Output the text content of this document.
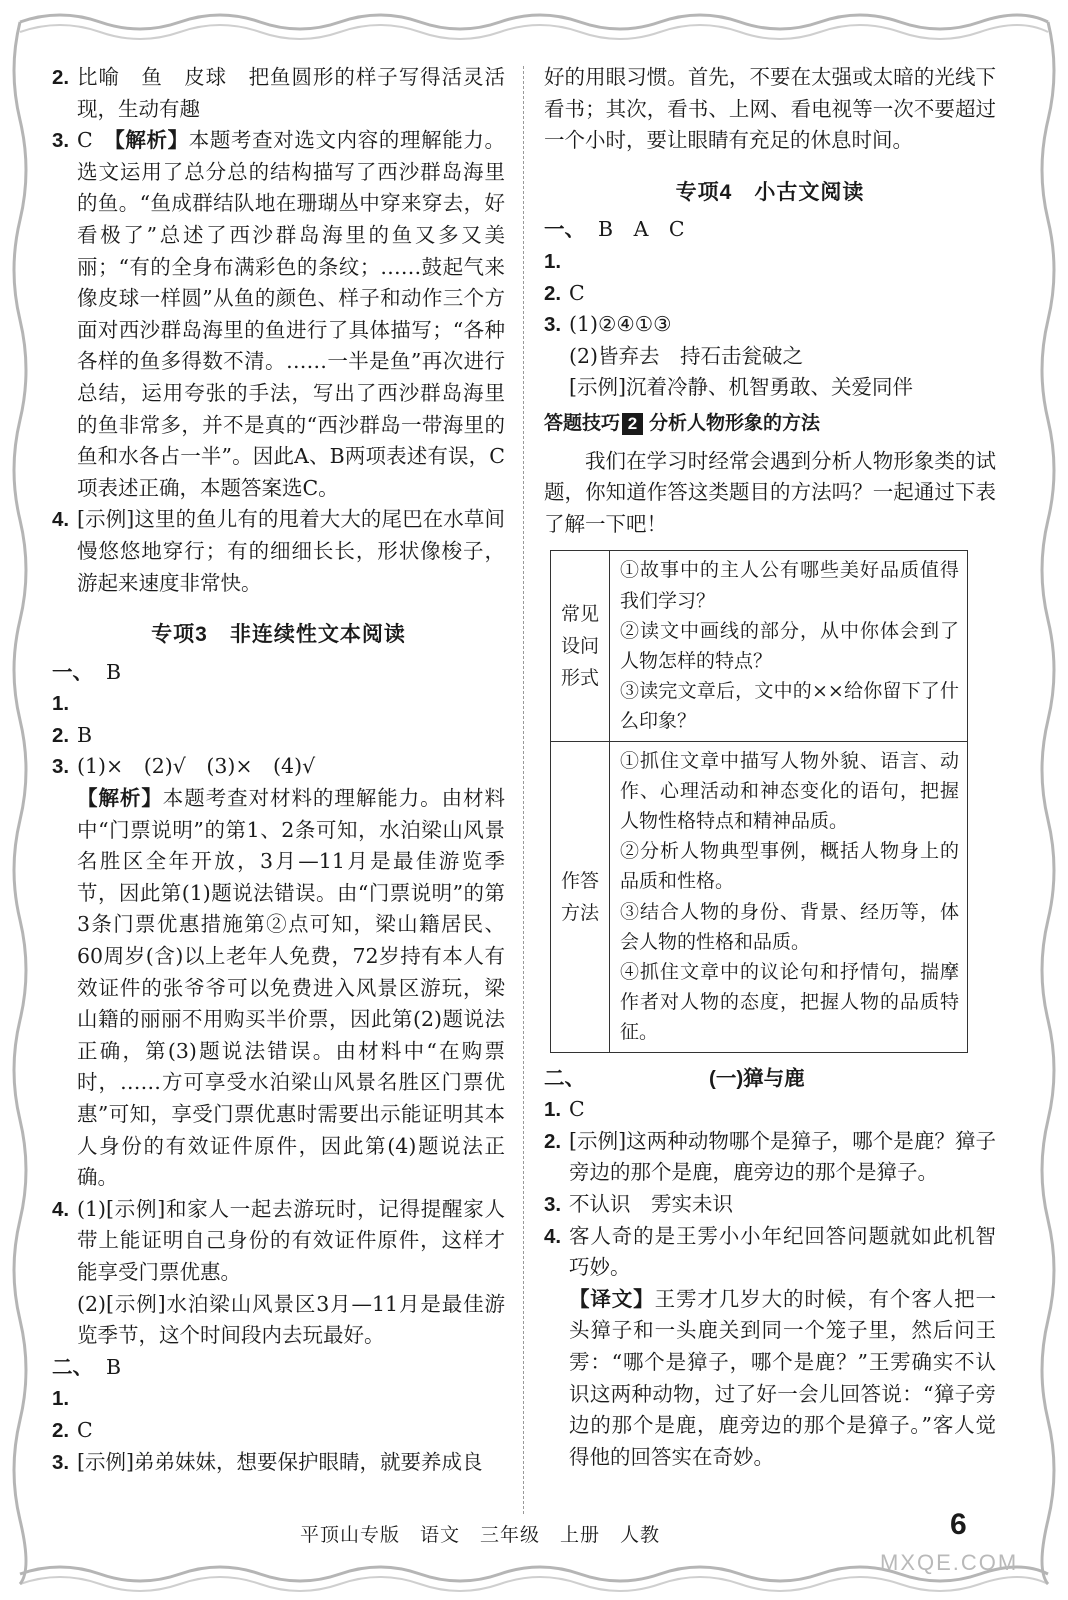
2. 比喻　鱼　皮球　把鱼圆形的样子写得活灵活现，生动有趣
3. C　 【解析】本题考查对选文内容的理解能力。选文运用了总分总的结构描写了西沙群岛海里的鱼。“鱼成群结队地在珊瑚丛中穿来穿去，好看极了”总述了西沙群岛海里的鱼又多又美丽；“有的全身布满彩色的条纹；……鼓起气来像皮球一样圆”从鱼的颜色、样子和动作三个方面对西沙群岛海里的鱼进行了具体描写；“各种各样的鱼多得数不清。……一半是鱼”再次进行总结，运用夸张的手法，写出了西沙群岛海里的鱼非常多，并不是真的“西沙群岛一带海里的鱼和水各占一半”。因此A、B两项表述有误，C项表述正确，本题答案选C。
4. [示例]这里的鱼儿有的甩着大大的尾巴在水草间慢悠悠地穿行；有的细细长长，形状像梭子，游起来速度非常快。
专项3　非连续性文本阅读
一、1.
B
2. B
3. (1)×　(2)√　(3)×　(4)√
【解析】本题考查对材料的理解能力。由材料中“门票说明”的第1、2条可知，水泊梁山风景名胜区全年开放，3月—11月是最佳游览季节，因此第(1)题说法错误。由“门票说明”的第3条门票优惠措施第②点可知，梁山籍居民、60周岁(含)以上老年人免费，72岁持有本人有效证件的张爷爷可以免费进入风景区游玩，梁山籍的丽丽不用购买半价票，因此第(2)题说法正确，第(3)题说法错误。由材料中“在购票时，……方可享受水泊梁山风景名胜区门票优惠”可知，享受门票优惠时需要出示能证明其本人身份的有效证件原件，因此第(4)题说法正确。
4. (1)[示例]和家人一起去游玩时，记得提醒家人带上能证明自己身份的有效证件原件，这样才能享受门票优惠。
(2)[示例]水泊梁山风景区3月—11月是最佳游览季节，这个时间段内去玩最好。
二、1.
B
2. C
3. [示例]弟弟妹妹，想要保护眼睛，就要养成良
好的用眼习惯。首先，不要在太强或太暗的光线下看书；其次，看书、上网、看电视等一次不要超过一个小时，要让眼睛有充足的休息时间。
专项4　小古文阅读
一、1.
B　A　C
2. C
3. (1)②④①③
(2)皆弃去　持石击瓮破之
[示例]沉着冷静、机智勇敢、关爱同伴
答题技巧 2 分析人物形象的方法
我们在学习时经常会遇到分析人物形象类的试题，你知道作答这类题目的方法吗？一起通过下表了解一下吧！
常见设问形式	①故事中的主人公有哪些美好品质值得我们学习？
②读文中画线的部分，从中你体会到了人物怎样的特点？
③读完文章后，文中的××给你留下了什么印象？

作答方法	①抓住文章中描写人物外貌、语言、动作、心理活动和神态变化的语句，把握人物性格特点和精神品质。
②分析人物典型事例，概括人物身上的品质和性格。
③结合人物的身份、背景、经历等，体会人物的性格和品质。
④抓住文章中的议论句和抒情句，揣摩作者对人物的态度，把握人物的品质特征。
二、	(一)獐与鹿
1. C
2. [示例]这两种动物哪个是獐子，哪个是鹿？獐子旁边的那个是鹿，鹿旁边的那个是獐子。
3. 不认识　雱实未识
4. 客人奇的是王雱小小年纪回答问题就如此机智巧妙。
【译文】王雱才几岁大的时候，有个客人把一头獐子和一头鹿关到同一个笼子里，然后问王雱：“哪个是獐子，哪个是鹿？”王雱确实不认识这两种动物，过了好一会儿回答说：“獐子旁边的那个是鹿，鹿旁边的那个是獐子。”客人觉得他的回答实在奇妙。
平顶山专版　语文　三年级　上册　人教	6
MXQE.COM
